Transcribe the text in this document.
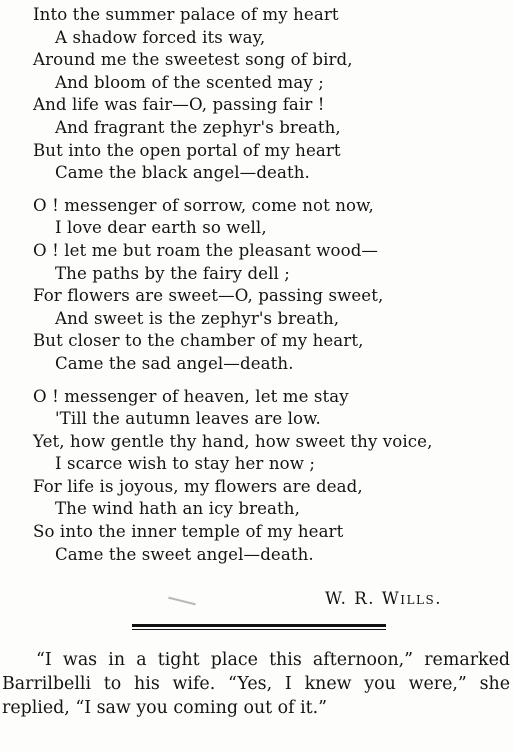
Into the summer palace of my heart
A shadow forced its way,
Around me the sweetest song of bird,
And bloom of the scented may ;
And life was fair—O, passing fair !
And fragrant the zephyr's breath,
But into the open portal of my heart
Came the black angel—death.
O ! messenger of sorrow, come not now,
I love dear earth so well,
O ! let me but roam the pleasant wood—
The paths by the fairy dell ;
For flowers are sweet—O, passing sweet,
And sweet is the zephyr's breath,
But closer to the chamber of my heart,
Came the sad angel—death.
O ! messenger of heaven, let me stay
'Till the autumn leaves are low.
Yet, how gentle thy hand, how sweet thy voice,
I scarce wish to stay her now ;
For life is joyous, my flowers are dead,
The wind hath an icy breath,
So into the inner temple of my heart
Came the sweet angel—death.
W. R. Wills.

“I was in a tight place this afternoon,” remarked Barrilbelli to his wife. “Yes, I knew you were,” she replied, “I saw you coming out of it.”
